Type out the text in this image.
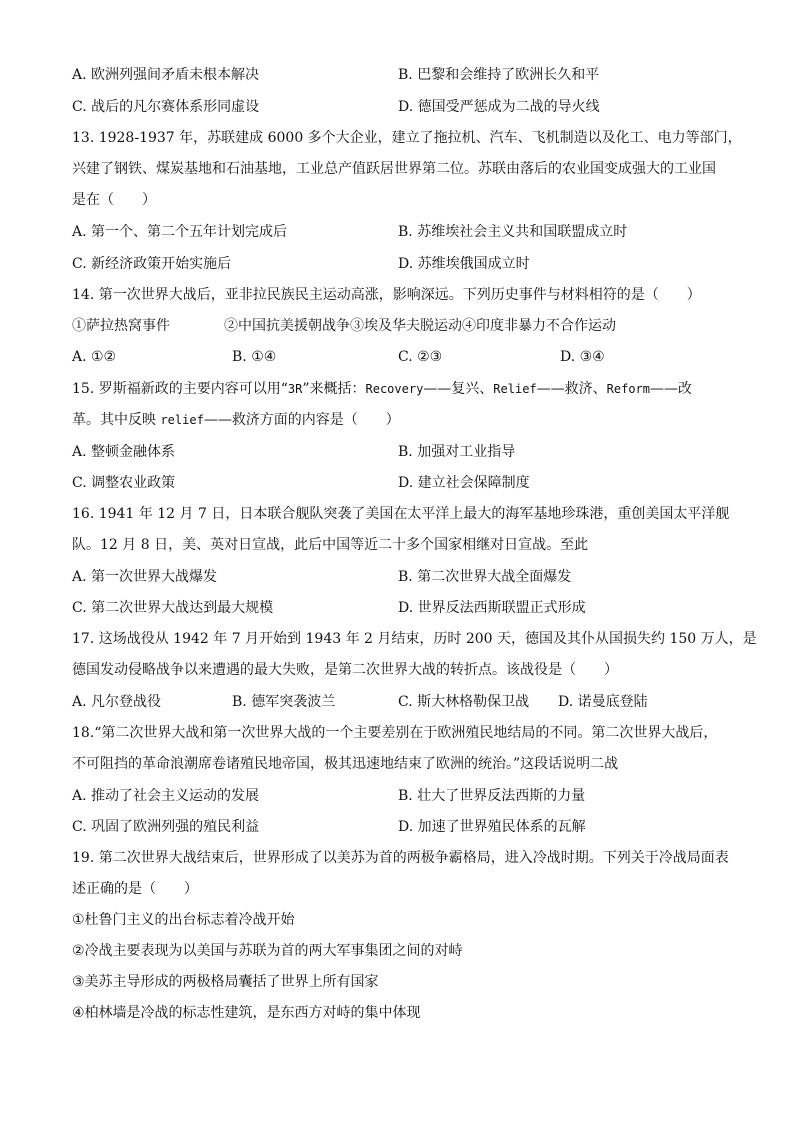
A. 欧洲列强间矛盾未根本解决	B. 巴黎和会维持了欧洲长久和平
C. 战后的凡尔赛体系形同虚设	D. 德国受严惩成为二战的导火线
13. 1928-1937 年，苏联建成 6000 多个大企业，建立了拖拉机、汽车、飞机制造以及化工、电力等部门，
兴建了钢铁、煤炭基地和石油基地，工业总产值跃居世界第二位。苏联由落后的农业国变成强大的工业国
是在（　　）
A. 第一个、第二个五年计划完成后	B. 苏维埃社会主义共和国联盟成立时
C. 新经济政策开始实施后	D. 苏维埃俄国成立时
14. 第一次世界大战后，亚非拉民族民主运动高涨，影响深远。下列历史事件与材料相符的是（　　）
①萨拉热窝事件	②中国抗美援朝战争③埃及华夫脱运动④印度非暴力不合作运动
A. ①②	B. ①④	C. ②③	D. ③④
15. 罗斯福新政的主要内容可以用“3R”来概括：Recovery——复兴、Relief——救济、Reform——改
革。其中反映 relief——救济方面的内容是（　　）
A. 整顿金融体系	B. 加强对工业指导
C. 调整农业政策	D. 建立社会保障制度
16. 1941 年 12 月 7 日，日本联合舰队突袭了美国在太平洋上最大的海军基地珍珠港，重创美国太平洋舰
队。12 月 8 日，美、英对日宣战，此后中国等近二十多个国家相继对日宣战。至此
A. 第一次世界大战爆发	B. 第二次世界大战全面爆发
C. 第二次世界大战达到最大规模	D. 世界反法西斯联盟正式形成
17. 这场战役从 1942 年 7 月开始到 1943 年 2 月结束，历时 200 天，德国及其仆从国损失约 150 万人，是
德国发动侵略战争以来遭遇的最大失败，是第二次世界大战的转折点。该战役是（　　）
A. 凡尔登战役	B. 德军突袭波兰	C. 斯大林格勒保卫战 D. 诺曼底登陆
18.“第二次世界大战和第一次世界大战的一个主要差别在于欧洲殖民地结局的不同。第二次世界大战后，
不可阻挡的革命浪潮席卷诸殖民地帝国，极其迅速地结束了欧洲的统治。”这段话说明二战
A. 推动了社会主义运动的发展	B. 壮大了世界反法西斯的力量
C. 巩固了欧洲列强的殖民利益	D. 加速了世界殖民体系的瓦解
19. 第二次世界大战结束后，世界形成了以美苏为首的两极争霸格局，进入冷战时期。下列关于冷战局面表
述正确的是（　　）
①杜鲁门主义的出台标志着冷战开始
②冷战主要表现为以美国与苏联为首的两大军事集团之间的对峙
③美苏主导形成的两极格局囊括了世界上所有国家
④柏林墙是冷战的标志性建筑，是东西方对峙的集中体现
